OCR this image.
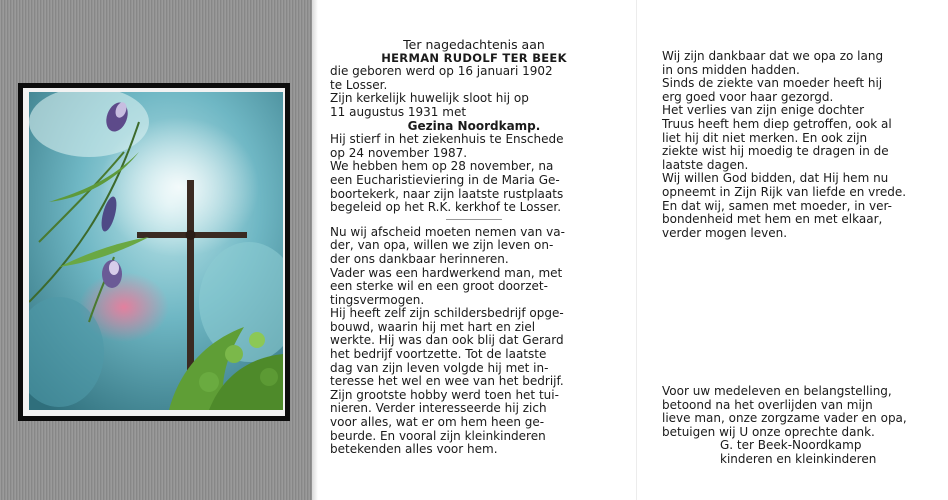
Ter nagedachtenis aan

HERMAN RUDOLF TER BEEK

die geboren werd op 16 januari 1902

te Losser.

Zijn kerkelijk huwelijk sloot hij op

11 augustus 1931 met

Gezina Noordkamp.

Hij stierf in het ziekenhuis te Enschede

op 24 november 1987.

We hebben hem op 28 november, na

een Eucharistieviering in de Maria Ge-

boortekerk, naar zijn laatste rustplaats

begeleid op het R.K. kerkhof te Losser.

Nu wij afscheid moeten nemen van va-

der, van opa, willen we zijn leven on-

der ons dankbaar herinneren.

Vader was een hardwerkend man, met

een sterke wil en een groot doorzet-

tingsvermogen.

Hij heeft zelf zijn schildersbedrijf opge-

bouwd, waarin hij met hart en ziel

werkte. Hij was dan ook blij dat Gerard

het bedrijf voortzette. Tot de laatste

dag van zijn leven volgde hij met in-

teresse het wel en wee van het bedrijf.

Zijn grootste hobby werd toen het tui-

nieren. Verder interesseerde hij zich

voor alles, wat er om hem heen ge-

beurde. En vooral zijn kleinkinderen

betekenden alles voor hem.

Wij zijn dankbaar dat we opa zo lang

in ons midden hadden.

Sinds de ziekte van moeder heeft hij

erg goed voor haar gezorgd.

Het verlies van zijn enige dochter

Truus heeft hem diep getroffen, ook al

liet hij dit niet merken. En ook zijn

ziekte wist hij moedig te dragen in de

laatste dagen.

Wij willen God bidden, dat Hij hem nu

opneemt in Zijn Rijk van liefde en vrede.

En dat wij, samen met moeder, in ver-

bondenheid met hem en met elkaar,

verder mogen leven.

Voor uw medeleven en belangstelling,

betoond na het overlijden van mijn

lieve man, onze zorgzame vader en opa,

betuigen wij U onze oprechte dank.

G. ter Beek-Noordkamp

kinderen en kleinkinderen
